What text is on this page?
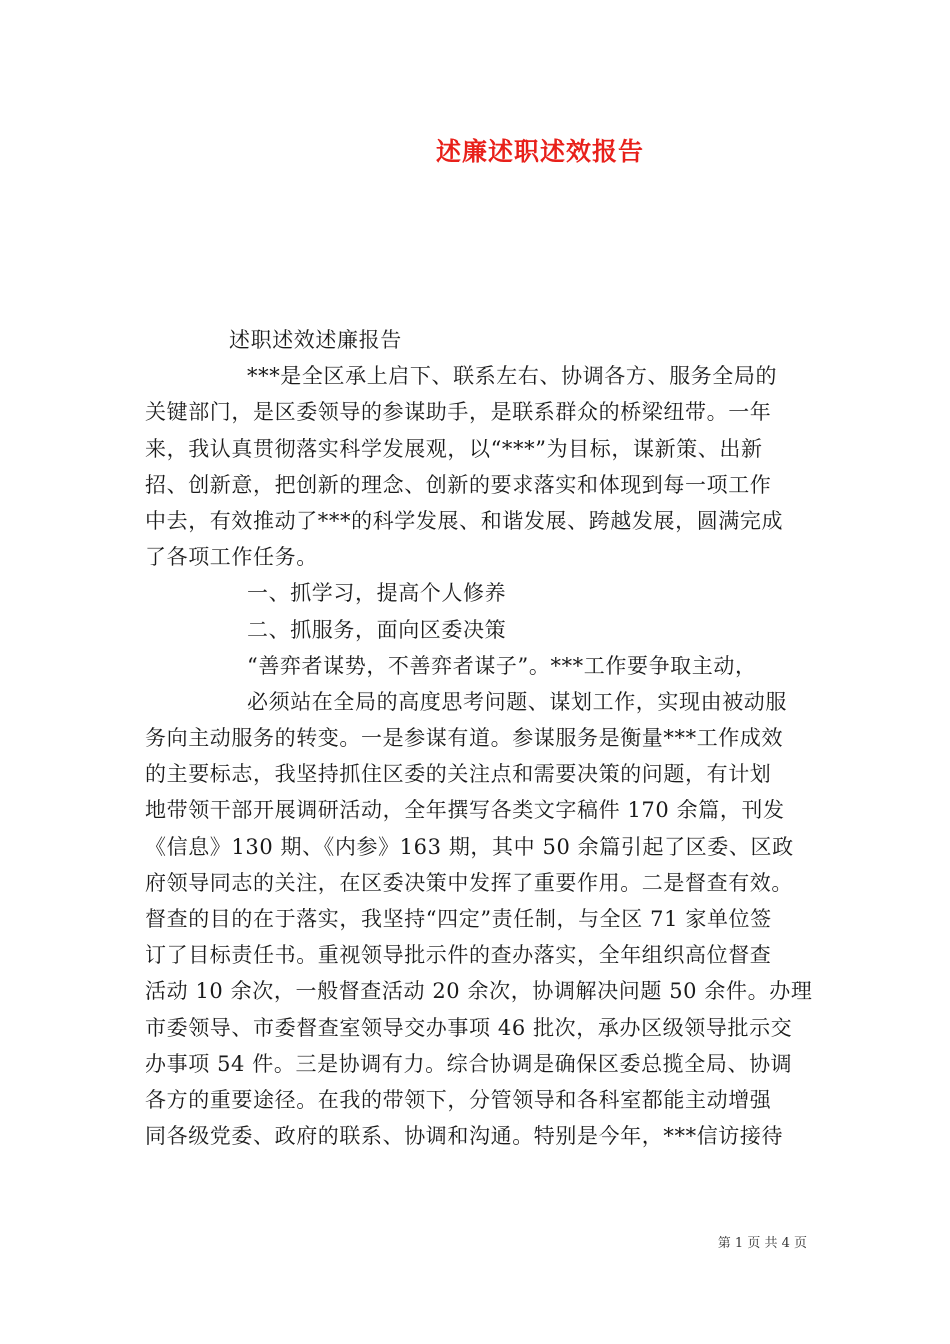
述廉述职述效报告
述职述效述廉报告
***是全区承上启下、联系左右、协调各方、服务全局的
关键部门，是区委领导的参谋助手，是联系群众的桥梁纽带。一年
来，我认真贯彻落实科学发展观，以“***”为目标，谋新策、出新
招、创新意，把创新的理念、创新的要求落实和体现到每一项工作
中去，有效推动了***的科学发展、和谐发展、跨越发展，圆满完成
了各项工作任务。
一、抓学习，提高个人修养
二、抓服务，面向区委决策
“善弈者谋势，不善弈者谋子”。***工作要争取主动，
必须站在全局的高度思考问题、谋划工作，实现由被动服
务向主动服务的转变。一是参谋有道。参谋服务是衡量***工作成效
的主要标志，我坚持抓住区委的关注点和需要决策的问题，有计划
地带领干部开展调研活动，全年撰写各类文字稿件 170 余篇，刊发
《信息》130 期、《内参》163 期，其中 50 余篇引起了区委、区政
府领导同志的关注，在区委决策中发挥了重要作用。二是督查有效。
督查的目的在于落实，我坚持“四定”责任制，与全区 71 家单位签
订了目标责任书。重视领导批示件的查办落实，全年组织高位督查
活动 10 余次，一般督查活动 20 余次，协调解决问题 50 余件。办理
市委领导、市委督查室领导交办事项 46 批次，承办区级领导批示交
办事项 54 件。三是协调有力。综合协调是确保区委总揽全局、协调
各方的重要途径。在我的带领下，分管领导和各科室都能主动增强
同各级党委、政府的联系、协调和沟通。特别是今年，***信访接待
第 1 页 共 4 页
